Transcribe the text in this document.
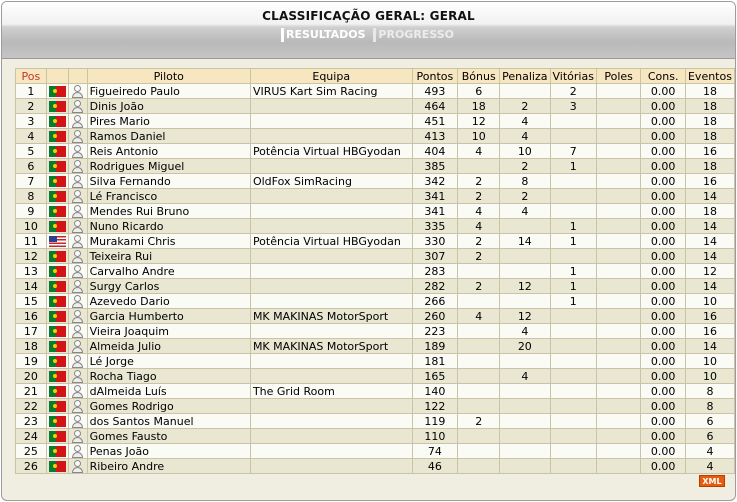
CLASSIFICAÇÃO GERAL: GERAL
RESULTADOS PROGRESSO
Pos			Piloto	Equipa	Pontos	Bónus	Penaliza	Vitórias	Poles	Cons.	Eventos
1			Figueiredo Paulo	VIRUS Kart Sim Racing	493	6		2		0.00	18
2			Dinis João		464	18	2	3		0.00	18
3			Pires Mario		451	12	4			0.00	18
4			Ramos Daniel		413	10	4			0.00	18
5			Reis Antonio	Potência Virtual HBGyodan	404	4	10	7		0.00	16
6			Rodrigues Miguel		385		2	1		0.00	18
7			Silva Fernando	OldFox SimRacing	342	2	8			0.00	16
8			Lé Francisco		341	2	2			0.00	14
9			Mendes Rui Bruno		341	4	4			0.00	18
10			Nuno Ricardo		335	4		1		0.00	14
11			Murakami Chris	Potência Virtual HBGyodan	330	2	14	1		0.00	14
12			Teixeira Rui		307	2				0.00	14
13			Carvalho Andre		283			1		0.00	12
14			Surgy Carlos		282	2	12	1		0.00	14
15			Azevedo Dario		266			1		0.00	10
16			Garcia Humberto	MK MAKINAS MotorSport	260	4	12			0.00	16
17			Vieira Joaquim		223		4			0.00	16
18			Almeida Julio	MK MAKINAS MotorSport	189		20			0.00	14
19			Lé Jorge		181					0.00	10
20			Rocha Tiago		165		4			0.00	10
21			dAlmeida Luís	The Grid Room	140					0.00	8
22			Gomes Rodrigo		122					0.00	8
23			dos Santos Manuel		119	2				0.00	6
24			Gomes Fausto		110					0.00	6
25			Penas João		74					0.00	4
26			Ribeiro Andre		46					0.00	4
XML
